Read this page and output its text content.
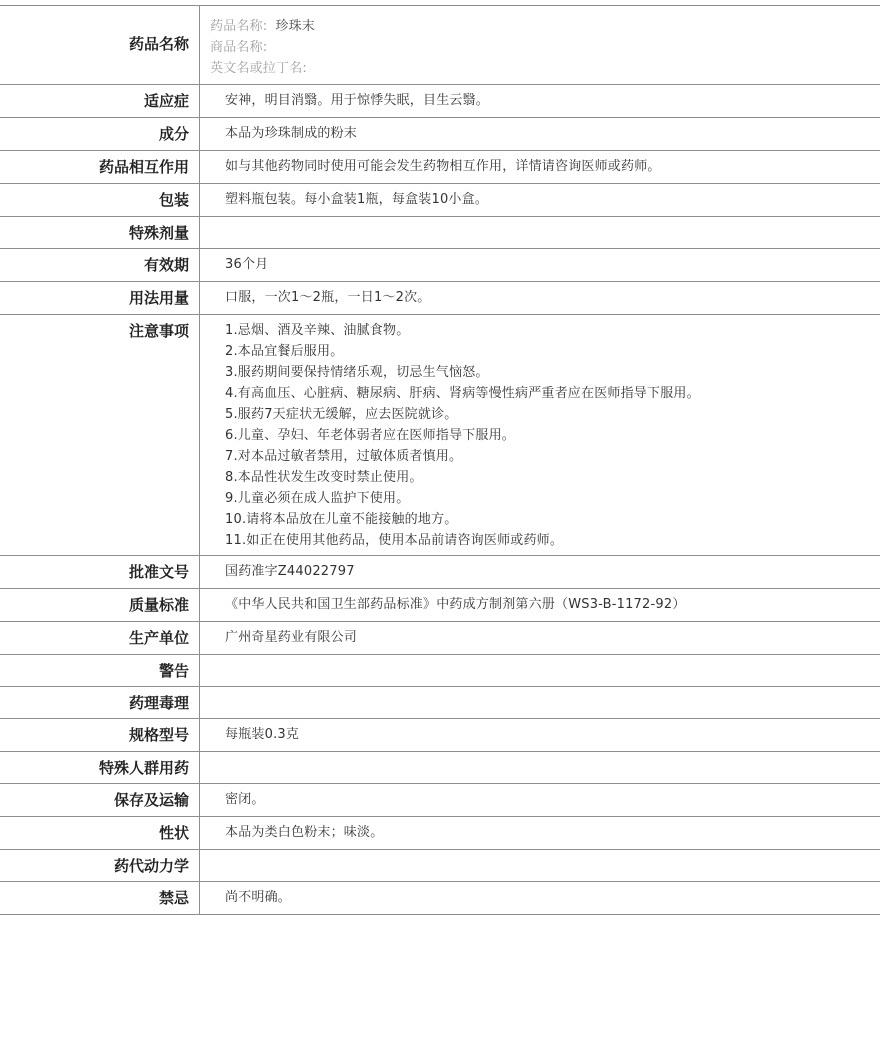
药品名称
药品名称: 珍珠末
商品名称:
英文名或拉丁名:
适应症	安神，明目消翳。用于惊悸失眠，目生云翳。
成分	本品为珍珠制成的粉末
药品相互作用	如与其他药物同时使用可能会发生药物相互作用，详情请咨询医师或药师。
包装	塑料瓶包装。每小盒装1瓶，每盒装10小盒。
特殊剂量
有效期	36个月
用法用量	口服，一次1～2瓶，一日1～2次。
注意事项	1.忌烟、酒及辛辣、油腻食物。
2.本品宜餐后服用。
3.服药期间要保持情绪乐观，切忌生气恼怒。
4.有高血压、心脏病、糖尿病、肝病、肾病等慢性病严重者应在医师指导下服用。
5.服药7天症状无缓解，应去医院就诊。
6.儿童、孕妇、年老体弱者应在医师指导下服用。
7.对本品过敏者禁用，过敏体质者慎用。
8.本品性状发生改变时禁止使用。
9.儿童必须在成人监护下使用。
10.请将本品放在儿童不能接触的地方。
11.如正在使用其他药品，使用本品前请咨询医师或药师。
批准文号	国药准字Z44022797
质量标准	《中华人民共和国卫生部药品标准》中药成方制剂第六册（WS3-B-1172-92）
生产单位	广州奇星药业有限公司
警告
药理毒理
规格型号	每瓶装0.3克
特殊人群用药
保存及运输	密闭。
性状	本品为类白色粉末；味淡。
药代动力学
禁忌	尚不明确。
